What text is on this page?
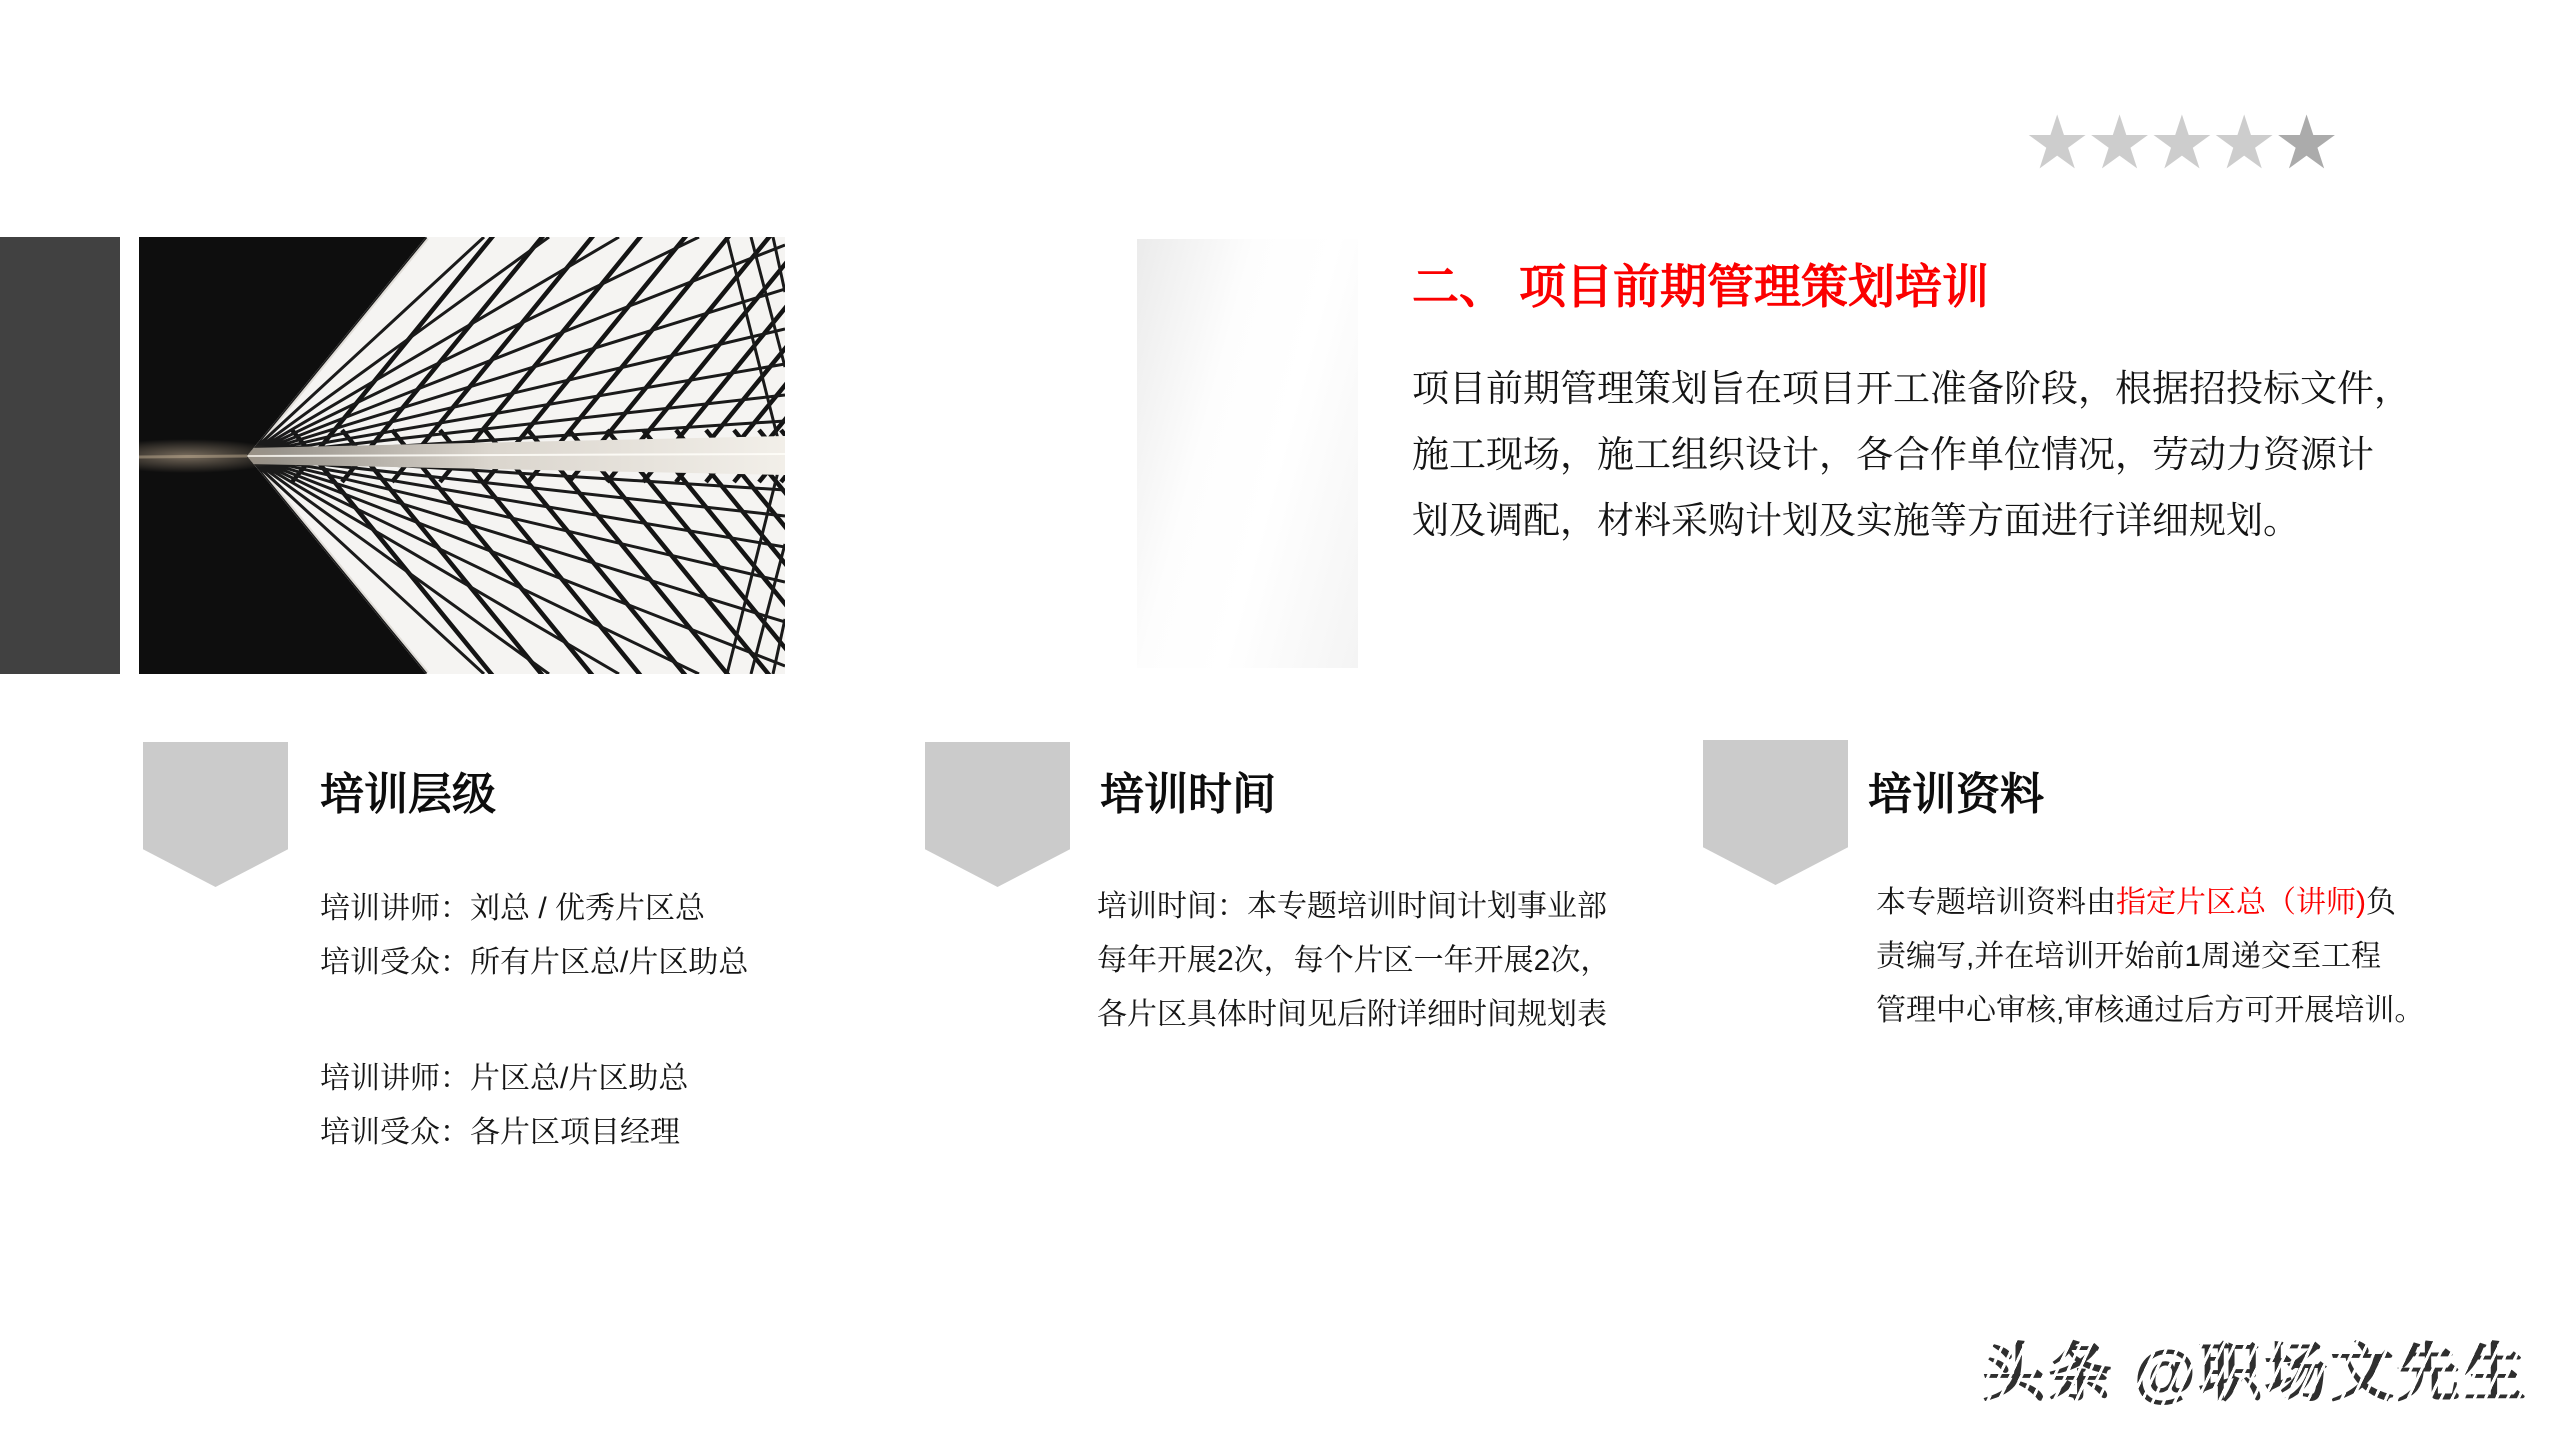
★★★★★
二、 项目前期管理策划培训
项目前期管理策划旨在项目开工准备阶段，根据招投标文件，
施工现场，施工组织设计，各合作单位情况，劳动力资源计
划及调配，材料采购计划及实施等方面进行详细规划。
培训层级
培训讲师：刘总 / 优秀片区总
培训受众：所有片区总/片区助总
培训讲师：片区总/片区助总
培训受众：各片区项目经理
培训时间
培训时间：本专题培训时间计划事业部
每年开展2次，每个片区一年开展2次，
各片区具体时间见后附详细时间规划表
培训资料
本专题培训资料由指定片区总（讲师)负
责编写,并在培训开始前1周递交至工程
管理中心审核,审核通过后方可开展培训。
头条 @职场文先生
